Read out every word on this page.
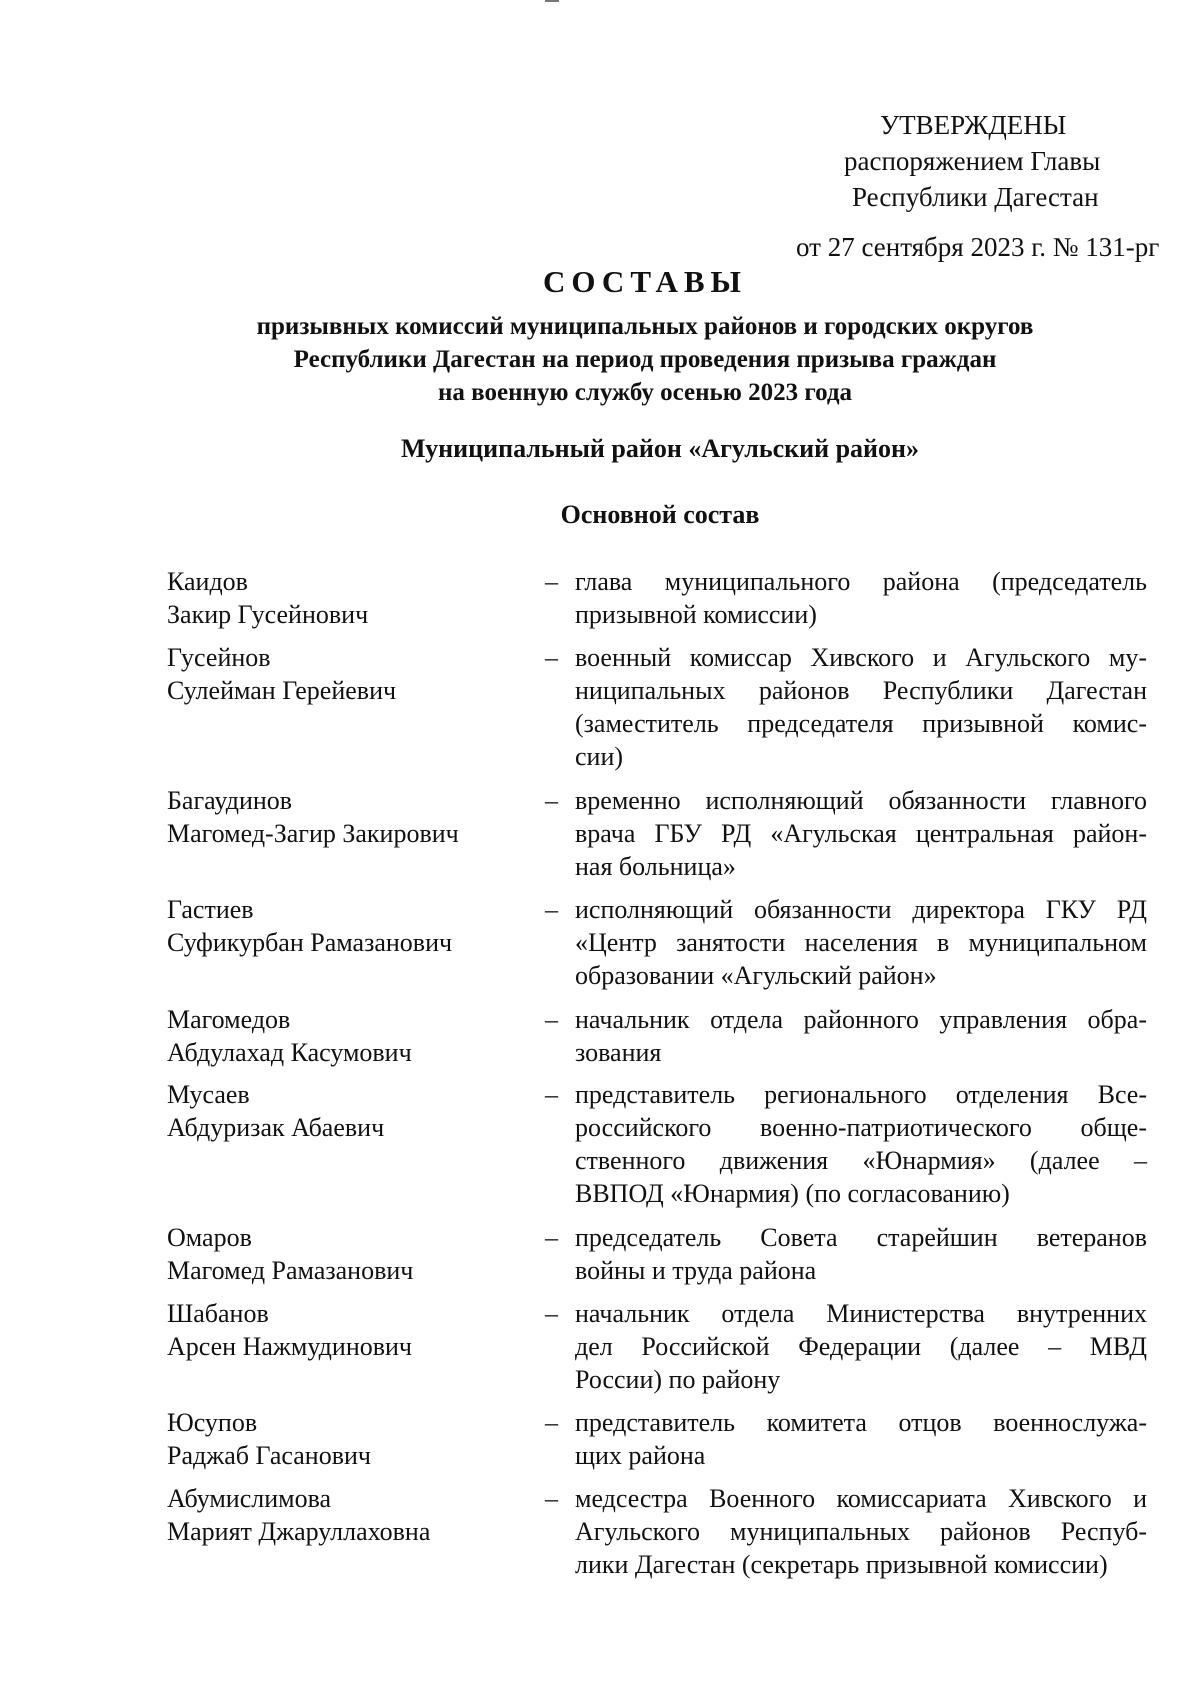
УТВЕРЖДЕНЫ
распоряжением Главы
Республики Дагестан
от 27 сентября 2023 г. № 131-рг
СОСТАВЫ
призывных комиссий муниципальных районов и городских округов
Республики Дагестан на период проведения призыва граждан
на военную службу осенью 2023 года
Муниципальный район «Агульский район»
Основной состав
Каидов
Закир Гусейнович
– глава муниципального района (председатель
призывной комиссии)
Гусейнов
Сулейман Герейевич
– военный комиссар Хивского и Агульского му-
ниципальных районов Республики Дагестан
(заместитель председателя призывной комис-
сии)
Багаудинов
Магомед-Загир Закирович
– временно исполняющий обязанности главного
врача ГБУ РД «Агульская центральная район-
ная больница»
Гастиев
Суфикурбан Рамазанович
– исполняющий обязанности директора ГКУ РД
«Центр занятости населения в муниципальном
образовании «Агульский район»
Магомедов
Абдулахад Касумович
– начальник отдела районного управления обра-
зования
Мусаев
Абдуризак Абаевич
– представитель регионального отделения Все-
российского военно-патриотического обще-
ственного движения «Юнармия» (далее –
ВВПОД «Юнармия) (по согласованию)
Омаров
Магомед Рамазанович
– председатель Совета старейшин ветеранов
войны и труда района
Шабанов
Арсен Нажмудинович
– начальник отдела Министерства внутренних
дел Российской Федерации (далее – МВД
России) по району
Юсупов
Раджаб Гасанович
– представитель комитета отцов военнослужа-
щих района
Абумислимова
Марият Джаруллаховна
– медсестра Военного комиссариата Хивского и
Агульского муниципальных районов Респуб-
лики Дагестан (секретарь призывной комиссии)
